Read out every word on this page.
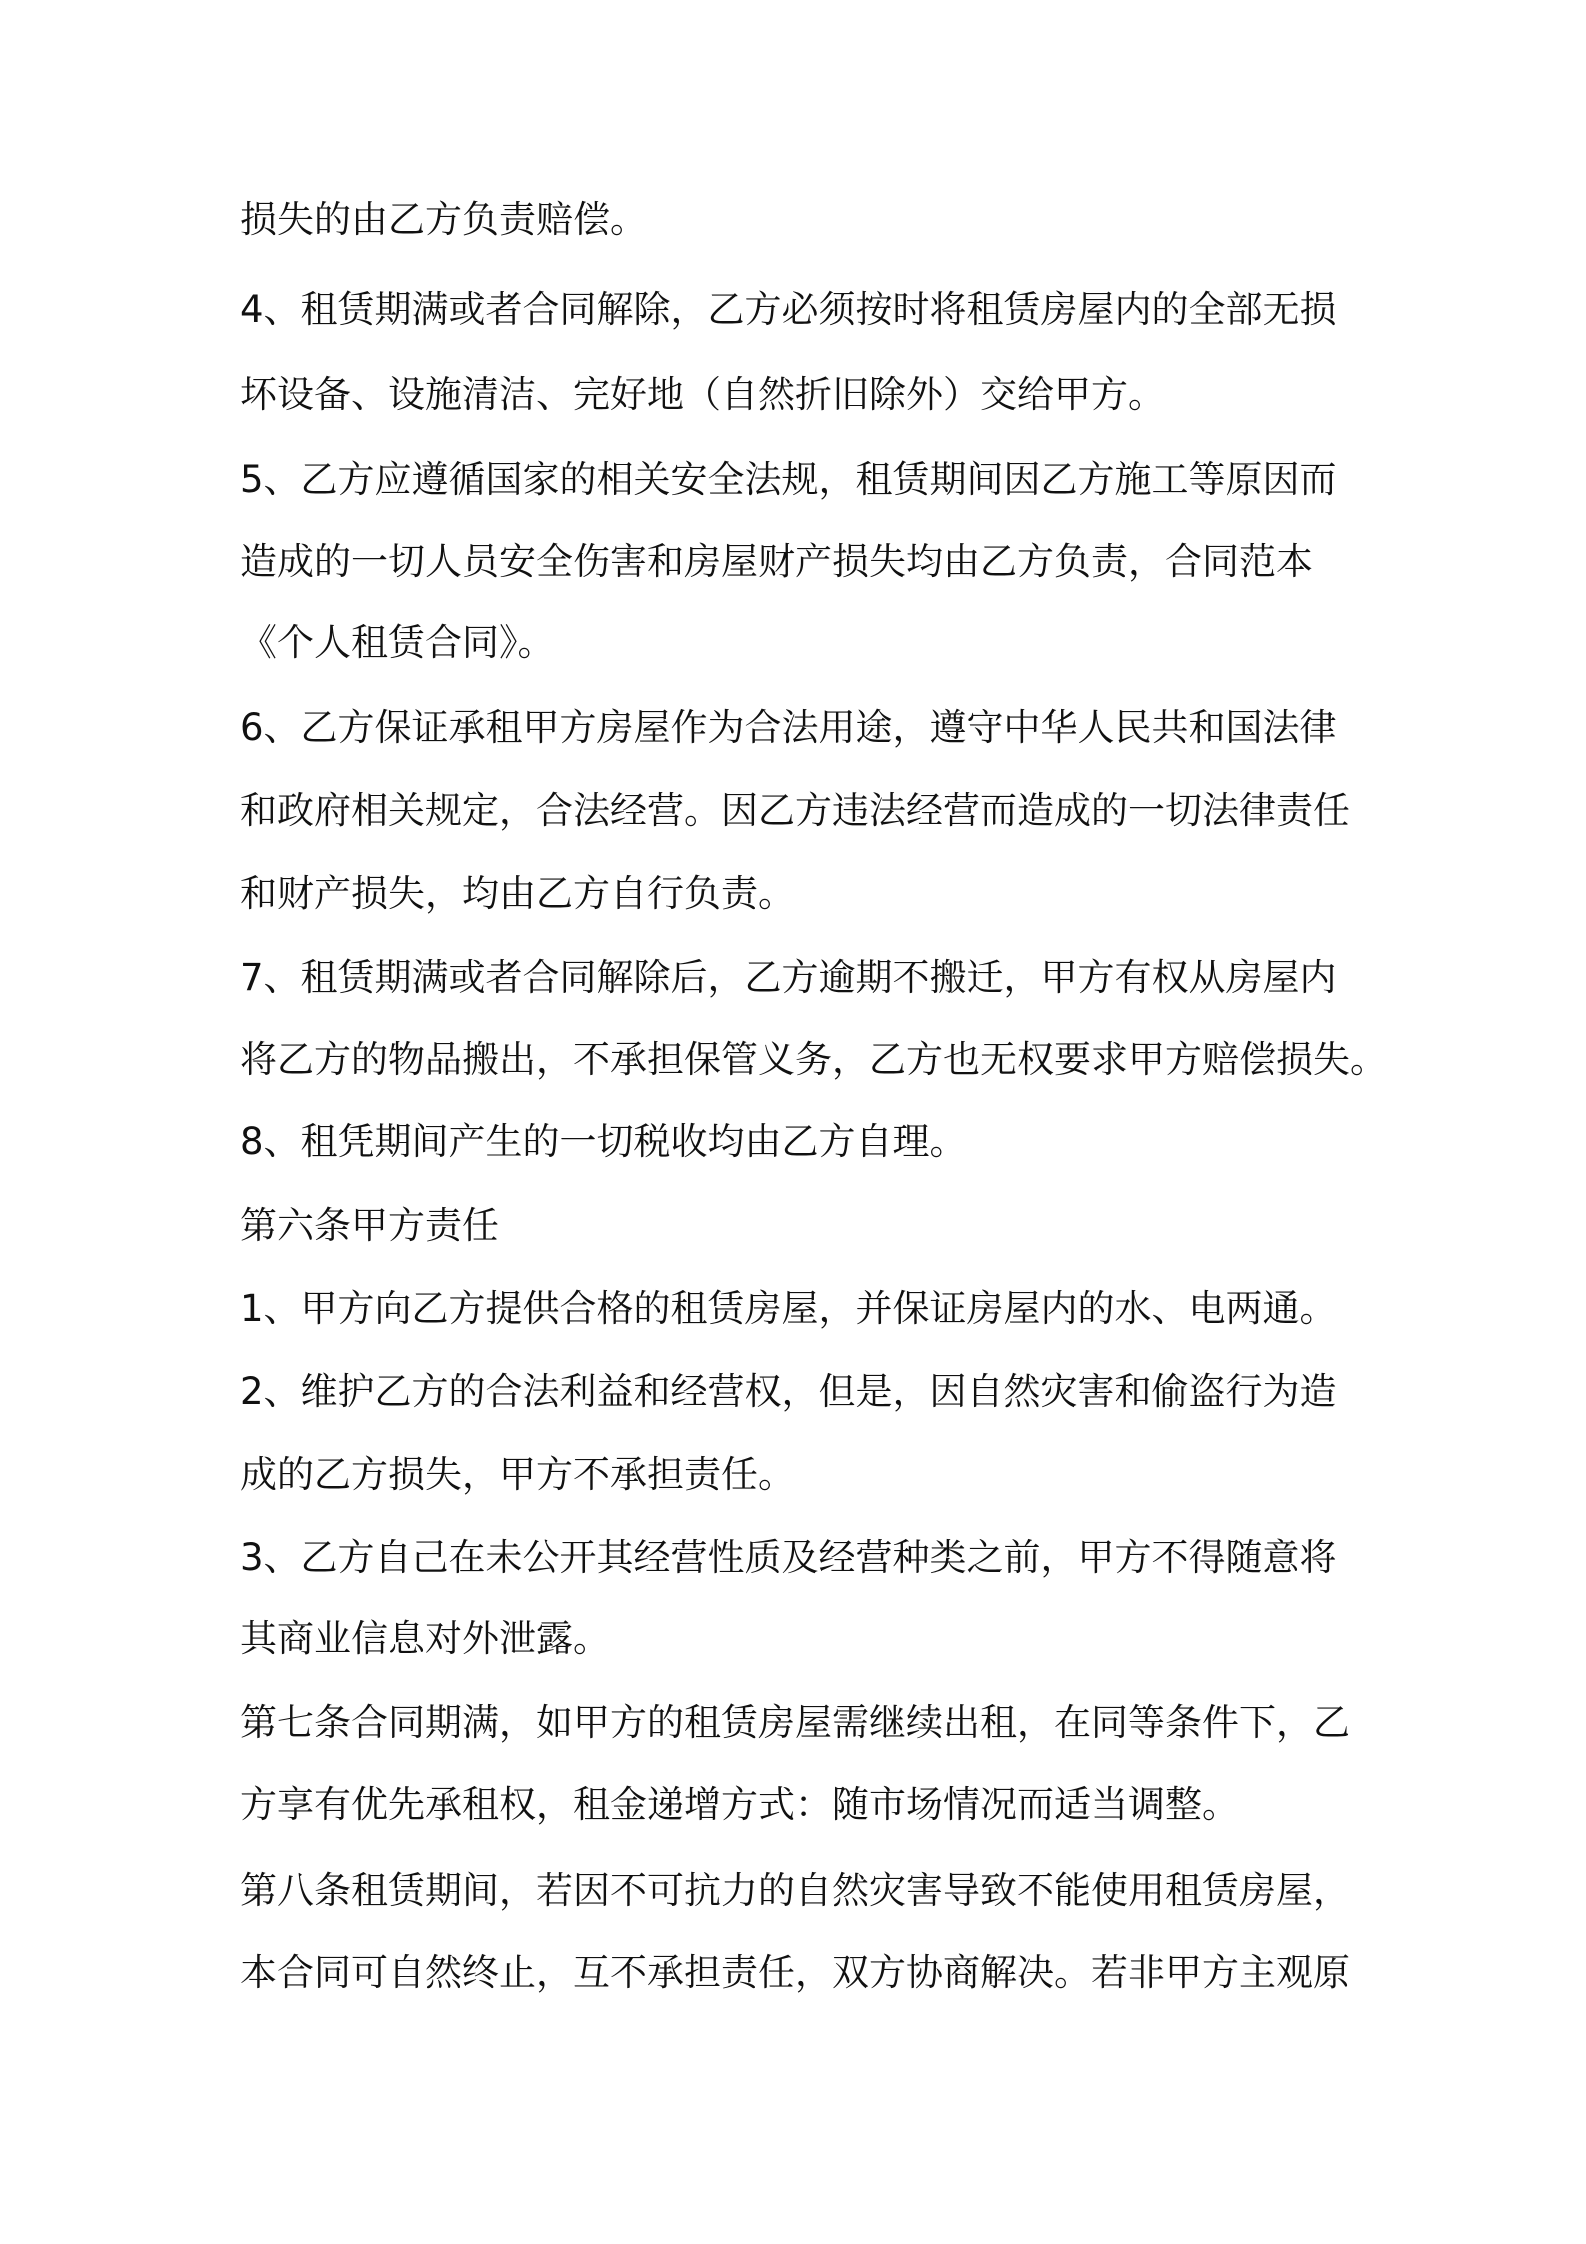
损失的由乙方负责赔偿。
4、租赁期满或者合同解除，乙方必须按时将租赁房屋内的全部无损
坏设备、设施清洁、完好地（自然折旧除外）交给甲方。
5、乙方应遵循国家的相关安全法规，租赁期间因乙方施工等原因而
造成的一切人员安全伤害和房屋财产损失均由乙方负责，合同范本
《个人租赁合同》。
6、乙方保证承租甲方房屋作为合法用途，遵守中华人民共和国法律
和政府相关规定，合法经营。因乙方违法经营而造成的一切法律责任
和财产损失，均由乙方自行负责。
7、租赁期满或者合同解除后，乙方逾期不搬迁，甲方有权从房屋内
将乙方的物品搬出，不承担保管义务，乙方也无权要求甲方赔偿损失。
8、租凭期间产生的一切税收均由乙方自理。
第六条甲方责任
1、甲方向乙方提供合格的租赁房屋，并保证房屋内的水、电两通。
2、维护乙方的合法利益和经营权，但是，因自然灾害和偷盗行为造
成的乙方损失，甲方不承担责任。
3、乙方自己在未公开其经营性质及经营种类之前，甲方不得随意将
其商业信息对外泄露。
第七条合同期满，如甲方的租赁房屋需继续出租，在同等条件下，乙
方享有优先承租权，租金递增方式：随市场情况而适当调整。
第八条租赁期间，若因不可抗力的自然灾害导致不能使用租赁房屋，
本合同可自然终止，互不承担责任，双方协商解决。若非甲方主观原
